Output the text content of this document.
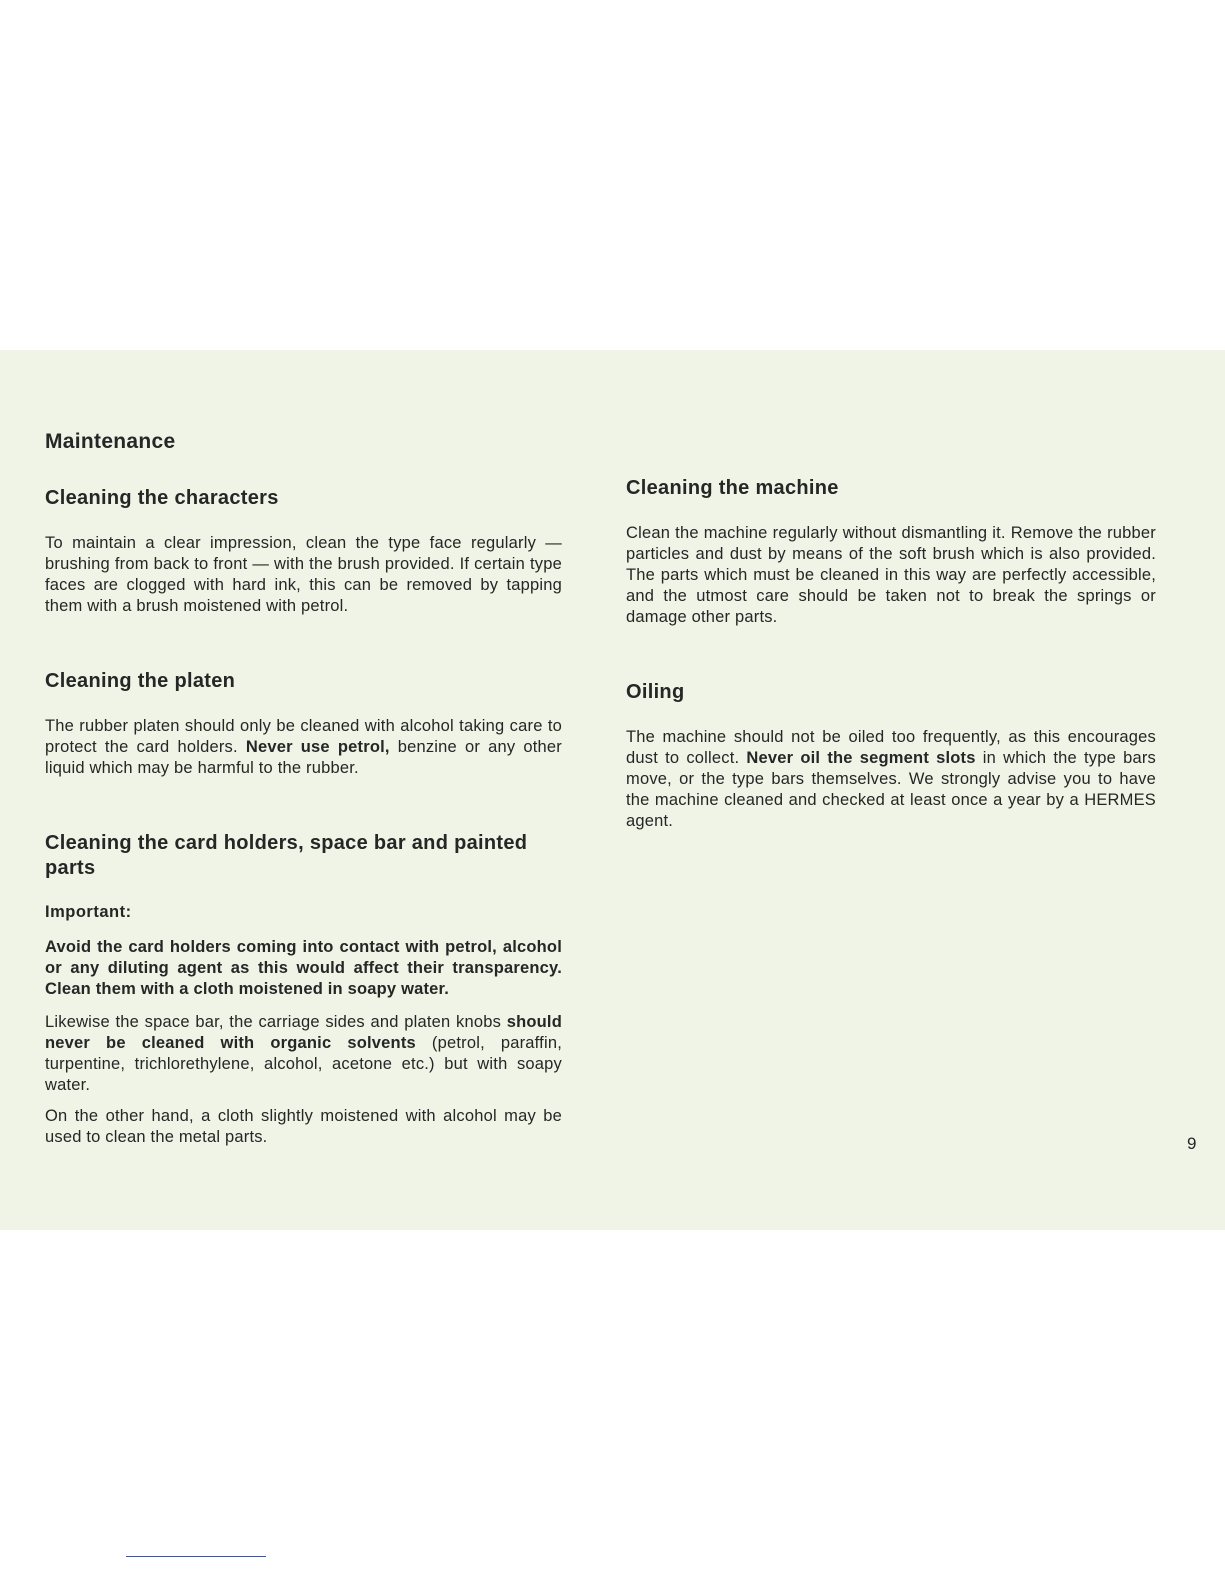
Maintenance
Cleaning the characters

To maintain a clear impression, clean the type face regularly — brushing from back to front — with the brush provided. If certain type faces are clogged with hard ink, this can be removed by tapping them with a brush moistened with petrol.

Cleaning the platen

The rubber platen should only be cleaned with alcohol taking care to protect the card holders. Never use petrol, benzine or any other liquid which may be harmful to the rubber.

Cleaning the card holders, space bar and painted parts
Important:

Avoid the card holders coming into contact with petrol, alcohol or any diluting agent as this would affect their transparency. Clean them with a cloth moistened in soapy water.

Likewise the space bar, the carriage sides and platen knobs should never be cleaned with organic solvents (petrol, paraffin, turpentine, trichlorethylene, alcohol, acetone etc.) but with soapy water.

On the other hand, a cloth slightly moistened with alcohol may be used to clean the metal parts.

Cleaning the machine

Clean the machine regularly without dismantling it. Remove the rubber particles and dust by means of the soft brush which is also provided. The parts which must be cleaned in this way are perfectly accessible, and the utmost care should be taken not to break the springs or damage other parts.

Oiling

The machine should not be oiled too frequently, as this encourages dust to collect. Never oil the segment slots in which the type bars move, or the type bars themselves. We strongly advise you to have the machine cleaned and checked at least once a year by a HERMES agent.

9
